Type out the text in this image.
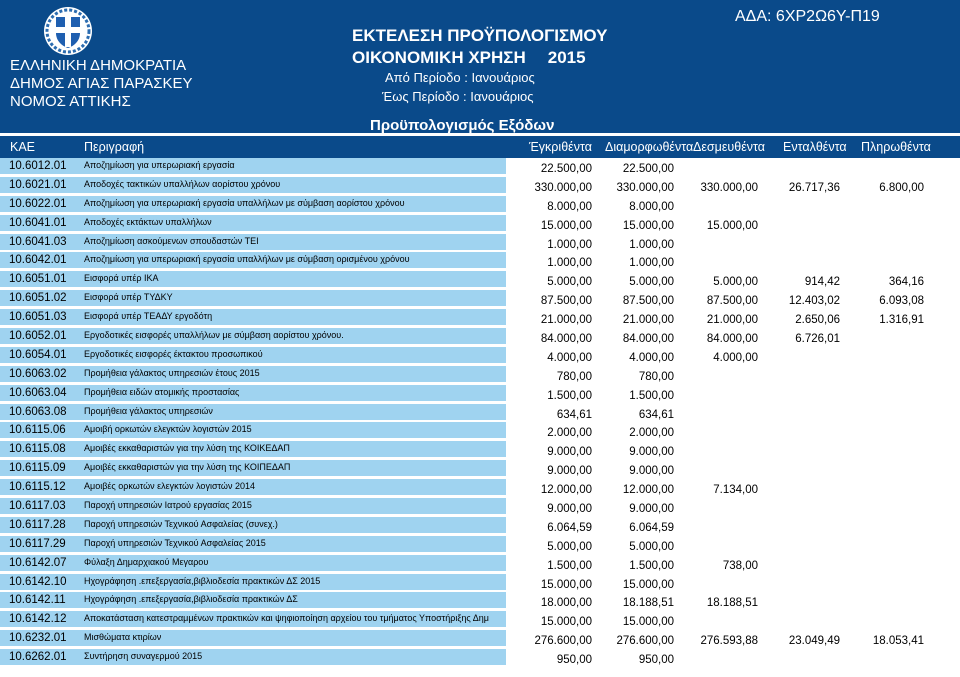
ΕΛΛΗΝΙΚΗ ΔΗΜΟΚΡΑΤΙΑ
ΔΗΜΟΣ ΑΓΙΑΣ ΠΑΡΑΣΚΕΥ
ΝΟΜΟΣ ΑΤΤΙΚΗΣ
ΕΚΤΕΛΕΣΗ ΠΡΟΫΠΟΛΟΓΙΣΜΟΥ
ΟΙΚΟΝΟΜΙΚΗ ΧΡΗΣΗ 2015
Από Περίοδο : Ιανουάριος
Έως Περίοδο : Ιανουάριος
ΑΔΑ: 6ΧΡ2Ω6Υ-Π19
Προϋπολογισμός Εξόδων
ΚΑΕ	Περιγραφή	Έγκριθέντα Διαμορφωθέντα Δεσμευθέντα Ενταλθέντα Πληρωθέντα
10.6012.01	Αποζημίωση για υπερωριακή εργασία	22.500,00	22.500,00
10.6021.01	Αποδοχές τακτικών υπαλλήλων αορίστου χρόνου	330.000,00	330.000,00	330.000,00	26.717,36	6.800,00
10.6022.01	Αποζημίωση για υπερωριακή εργασία υπαλλήλων με σύμβαση αορίστου χρόνου	8.000,00	8.000,00
10.6041.01	Αποδοχές εκτάκτων υπαλλήλων	15.000,00	15.000,00	15.000,00
10.6041.03	Αποζημίωση ασκούμενων σπουδαστών ΤΕΙ	1.000,00	1.000,00
10.6042.01	Αποζημίωση για υπερωριακή εργασία υπαλλήλων με σύμβαση ορισμένου χρόνου	1.000,00	1.000,00
10.6051.01	Εισφορά υπέρ ΙΚΑ	5.000,00	5.000,00	5.000,00	914,42	364,16
10.6051.02	Εισφορά υπέρ ΤΥΔΚΥ	87.500,00	87.500,00	87.500,00	12.403,02	6.093,08
10.6051.03	Εισφορά υπέρ ΤΕΑΔΥ εργοδότη	21.000,00	21.000,00	21.000,00	2.650,06	1.316,91
10.6052.01	Εργοδοτικές εισφορές υπαλλήλων με σύμβαση αορίστου χρόνου.	84.000,00	84.000,00	84.000,00	6.726,01
10.6054.01	Εργοδοτικές εισφορές έκτακτου προσωπικού	4.000,00	4.000,00	4.000,00
10.6063.02	Προμήθεια γάλακτος υπηρεσιών έτους 2015	780,00	780,00
10.6063.04	Προμήθεια ειδών ατομικής προστασίας	1.500,00	1.500,00
10.6063.08	Προμήθεια γάλακτος υπηρεσιών	634,61	634,61
10.6115.06	Αμοιβή ορκωτών ελεγκτών λογιστών 2015	2.000,00	2.000,00
10.6115.08	Αμοιβές εκκαθαριστών για την λύση της ΚΟΙΚΕΔΑΠ	9.000,00	9.000,00
10.6115.09	Αμοιβές εκκαθαριστών για την λύση της ΚΟΙΠΕΔΑΠ	9.000,00	9.000,00
10.6115.12	Αμοιβές ορκωτών ελεγκτών λογιστών 2014	12.000,00	12.000,00	7.134,00
10.6117.03	Παροχή υπηρεσιών Ιατρού εργασίας 2015	9.000,00	9.000,00
10.6117.28	Παροχή υπηρεσιών Τεχνικού Ασφαλείας (συνεχ.)	6.064,59	6.064,59
10.6117.29	Παροχή υπηρεσιών Τεχνικού Ασφαλείας 2015	5.000,00	5.000,00
10.6142.07	Φύλαξη Δημαρχιακού Μεγαρου	1.500,00	1.500,00	738,00
10.6142.10	Ηχογράφηση .επεξεργασία,βιβλιοδεσία πρακτικών ΔΣ 2015	15.000,00	15.000,00
10.6142.11	Ηχογράφηση .επεξεργασία,βιβλιοδεσία πρακτικών ΔΣ	18.000,00	18.188,51	18.188,51
10.6142.12	Αποκατάσταση κατεστραμμένων πρακτικών και ψηφιοποίηση αρχείου του τμήματος Υποστήριξης Δημ	15.000,00	15.000,00
10.6232.01	Μισθώματα κτιρίων	276.600,00	276.600,00	276.593,88	23.049,49	18.053,41
10.6262.01	Συντήρηση συναγερμού 2015	950,00	950,00
